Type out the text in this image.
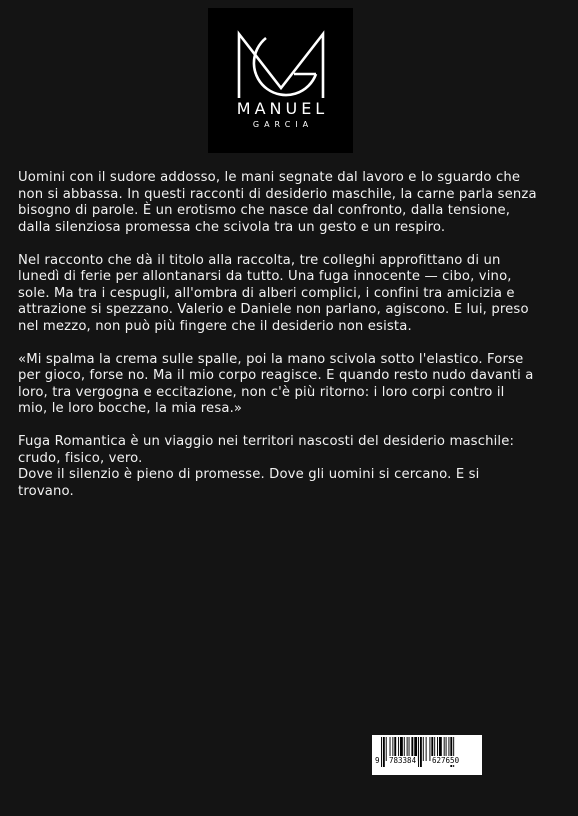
MANUEL
GARCIA

Uomini con il sudore addosso, le mani segnate dal lavoro e lo sguardo che non si abbassa. In questi racconti di desiderio maschile, la carne parla senza bisogno di parole. È un erotismo che nasce dal confronto, dalla tensione, dalla silenziosa promessa che scivola tra un gesto e un respiro.

Nel racconto che dà il titolo alla raccolta, tre colleghi approfittano di un lunedì di ferie per allontanarsi da tutto. Una fuga innocente — cibo, vino, sole. Ma tra i cespugli, all'ombra di alberi complici, i confini tra amicizia e attrazione si spezzano. Valerio e Daniele non parlano, agiscono. E lui, preso nel mezzo, non può più fingere che il desiderio non esista.

«Mi spalma la crema sulle spalle, poi la mano scivola sotto l'elastico. Forse per gioco, forse no. Ma il mio corpo reagisce. E quando resto nudo davanti a loro, tra vergogna e eccitazione, non c'è più ritorno: i loro corpi contro il mio, le loro bocche, la mia resa.»

Fuga Romantica è un viaggio nei territori nascosti del desiderio maschile: crudo, fisico, vero.

Dove il silenzio è pieno di promesse. Dove gli uomini si cercano. E si trovano.

9 783384 627650
